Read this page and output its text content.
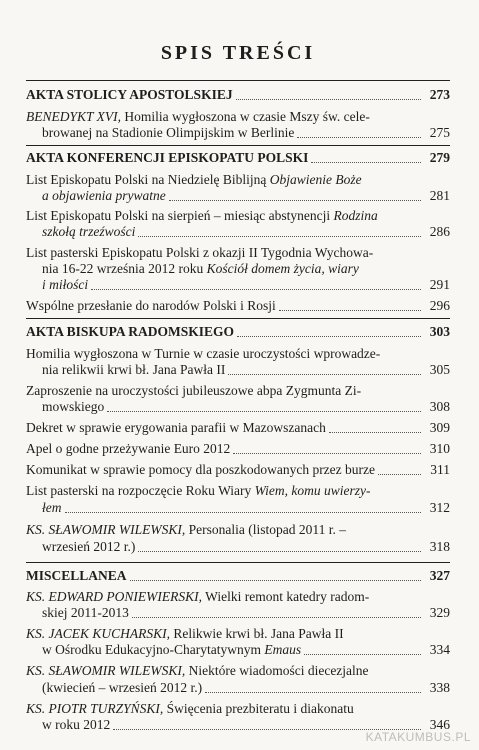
SPIS TREŚCI
AKTA STOLICY APOSTOLSKIEJ	273
BENEDYKT XVI, Homilia wygłoszona w czasie Mszy św. cele-
browanej na Stadionie Olimpijskim w Berlinie	275
AKTA KONFERENCJI EPISKOPATU POLSKI	279
List Episkopatu Polski na Niedzielę Biblijną Objawienie Boże
a objawienia prywatne	281
List Episkopatu Polski na sierpień – miesiąc abstynencji Rodzina
szkołą trzeźwości	286
List pasterski Episkopatu Polski z okazji II Tygodnia Wychowa-
nia 16-22 września 2012 roku Kościół domem życia, wiary
i miłości	291
Wspólne przesłanie do narodów Polski i Rosji	296
AKTA BISKUPA RADOMSKIEGO	303
Homilia wygłoszona w Turnie w czasie uroczystości wprowadze-
nia relikwii krwi bł. Jana Pawła II	305
Zaproszenie na uroczystości jubileuszowe abpa Zygmunta Zi-
mowskiego	308
Dekret w sprawie erygowania parafii w Mazowszanach	309
Apel o godne przeżywanie Euro 2012	310
Komunikat w sprawie pomocy dla poszkodowanych przez burze	311
List pasterski na rozpoczęcie Roku Wiary Wiem, komu uwierzy-
łem	312
KS. SŁAWOMIR WILEWSKI, Personalia (listopad 2011 r. –
wrzesień 2012 r.)	318
MISCELLANEA	327
KS. EDWARD PONIEWIERSKI, Wielki remont katedry radom-
skiej 2011-2013	329
KS. JACEK KUCHARSKI, Relikwie krwi bł. Jana Pawła II
w Ośrodku Edukacyjno-Charytatywnym Emaus	334
KS. SŁAWOMIR WILEWSKI, Niektóre wiadomości diecezjalne
(kwiecień – wrzesień 2012 r.)	338
KS. PIOTR TURZYŃSKI, Święcenia prezbiteratu i diakonatu
w roku 2012	346
KATAKUMBUS.PL
